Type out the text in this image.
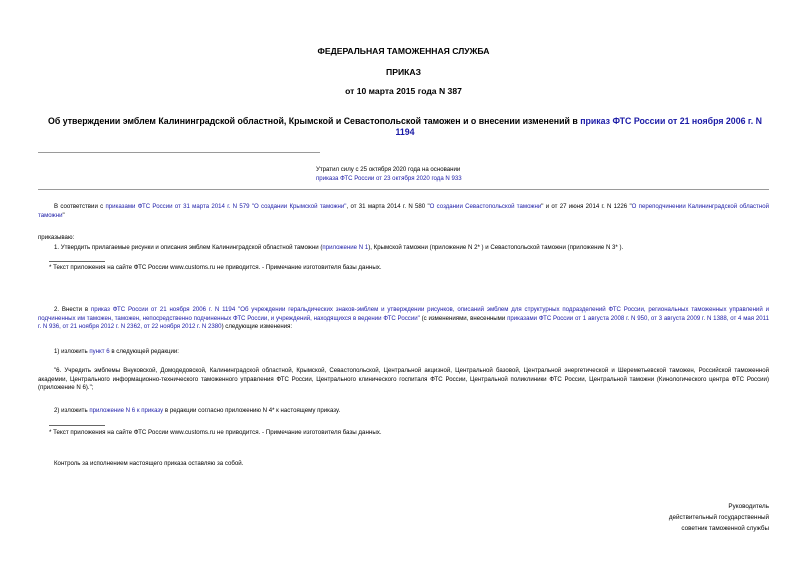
ФЕДЕРАЛЬНАЯ ТАМОЖЕННАЯ СЛУЖБА
ПРИКАЗ
от 10 марта 2015 года N 387
Об утверждении эмблем Калининградской областной, Крымской и Севастопольской таможен и о внесении изменений в приказ ФТС России от 21 ноября 2006 г. N 1194
Утратил силу с 25 октября 2020 года на основании
приказа ФТС России от 23 октября 2020 года N 933
В соответствии с приказами ФТС России от 31 марта 2014 г. N 579 "О создании Крымской таможни", от 31 марта 2014 г. N 580 "О создании Севастопольской таможни" и от 27 июня 2014 г. N 1226 "О переподчинении Калининградской областной таможни"
приказываю:
1. Утвердить прилагаемые рисунки и описания эмблем Калининградской областной таможни (приложение N 1), Крымской таможни (приложение N 2* ) и Севастопольской таможни (приложение N 3* ).
* Текст приложения на сайте ФТС России www.customs.ru не приводится. - Примечание изготовителя базы данных.
2. Внести в приказ ФТС России от 21 ноября 2006 г. N 1194 "Об учреждении геральдических знаков-эмблем и утверждении рисунков, описаний эмблем для структурных подразделений ФТС России, региональных таможенных управлений и подчиненных им таможен, таможен, непосредственно подчиненных ФТС России, и учреждений, находящихся в ведении ФТС России" (с изменениями, внесенными приказами ФТС России от 1 августа 2008 г. N 950, от 3 августа 2009 г. N 1388, от 4 мая 2011 г. N 936, от 21 ноября 2012 г. N 2362, от 22 ноября 2012 г. N 2380) следующие изменения:
1) изложить пункт 6 в следующей редакции:
"6. Учредить эмблемы Внуковской, Домодедовской, Калининградской областной, Крымской, Севастопольской, Центральной акцизной, Центральной базовой, Центральной энергетической и Шереметьевской таможен, Российской таможенной академии, Центрального информационно-технического таможенного управления ФТС России, Центрального клинического госпиталя ФТС России, Центральной поликлиники ФТС России, Центральной таможни (Кинологического центра ФТС России) (приложение N 6).";
2) изложить приложение N 6 к приказу в редакции согласно приложению N 4* к настоящему приказу.
* Текст приложения на сайте ФТС России www.customs.ru не приводится. - Примечание изготовителя базы данных.
Контроль за исполнением настоящего приказа оставляю за собой.
Руководитель
действительный государственный
советник таможенной службы
